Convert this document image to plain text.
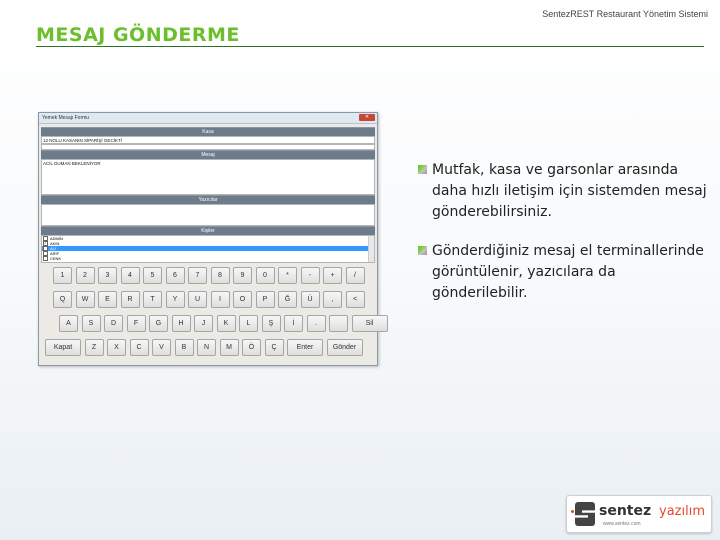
MESAJ GÖNDERME
SentezREST Restaurant Yönetim Sistemi
Yemek Mesajı Formu	✕
Kasa
12 NOLU KASANIN SİPARİŞİ GECİKTİ
Mesaj
ACİL DUMAN BEKLENİYOR
Yazıcılar
Kişiler
ADMİN
✓ AKIN
✓ ALİ
ARİF
CENK
1	2	3	4	5	6	7	8	9	0	*	-	+	/
Q	W	E	R	T	Y	U	I	O	P	Ğ	Ü	,	<
A	S	D	F	G	H	J	K	L	Ş	İ	.	Sil
Kapat	Z	X	C	V	B	N	M	Ö	Ç	Enter	Gönder
Mutfak, kasa ve garsonlar arasında daha hızlı iletişim için sistemden mesaj gönderebilirsiniz.
Gönderdiğiniz mesaj el terminallerinde görüntülenir, yazıcılara da gönderilebilir.
sentez yazılım
www.sentez.com
